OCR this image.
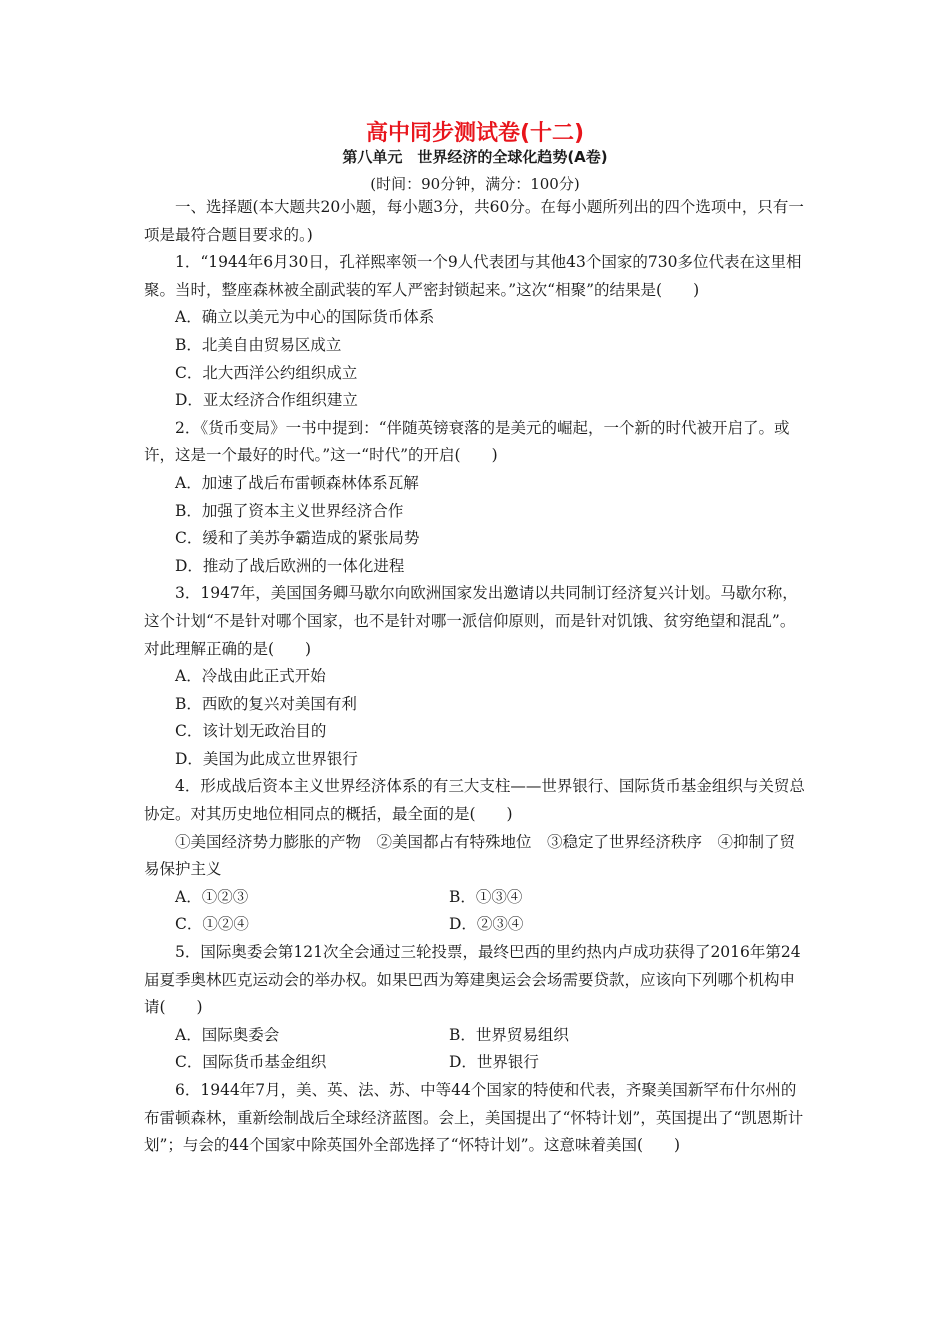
高中同步测试卷(十二)
第八单元　世界经济的全球化趋势(A卷)
(时间：90分钟，满分：100分)

一、选择题(本大题共20小题，每小题3分，共60分。在每小题所列出的四个选项中，只有一项是最符合题目要求的。)

1．“1944年6月30日，孔祥熙率领一个9人代表团与其他43个国家的730多位代表在这里相聚。当时，整座森林被全副武装的军人严密封锁起来。”这次“相聚”的结果是(　　)

A．确立以美元为中心的国际货币体系

B．北美自由贸易区成立

C．北大西洋公约组织成立

D．亚太经济合作组织建立

2．《货币变局》一书中提到：“伴随英镑衰落的是美元的崛起，一个新的时代被开启了。或许，这是一个最好的时代。”这一“时代”的开启(　　)

A．加速了战后布雷顿森林体系瓦解

B．加强了资本主义世界经济合作

C．缓和了美苏争霸造成的紧张局势

D．推动了战后欧洲的一体化进程

3．1947年，美国国务卿马歇尔向欧洲国家发出邀请以共同制订经济复兴计划。马歇尔称，这个计划“不是针对哪个国家，也不是针对哪一派信仰原则，而是针对饥饿、贫穷绝望和混乱”。对此理解正确的是(　　)

A．冷战由此正式开始

B．西欧的复兴对美国有利

C．该计划无政治目的

D．美国为此成立世界银行

4．形成战后资本主义世界经济体系的有三大支柱——世界银行、国际货币基金组织与关贸总协定。对其历史地位相同点的概括，最全面的是(　　)

①美国经济势力膨胀的产物　②美国都占有特殊地位　③稳定了世界经济秩序　④抑制了贸易保护主义

A．①②③	B．①③④
C．①②④	D．②③④

5．国际奥委会第121次全会通过三轮投票，最终巴西的里约热内卢成功获得了2016年第24届夏季奥林匹克运动会的举办权。如果巴西为筹建奥运会会场需要贷款，应该向下列哪个机构申请(　　)

A．国际奥委会	B．世界贸易组织
C．国际货币基金组织	D．世界银行

6．1944年7月，美、英、法、苏、中等44个国家的特使和代表，齐聚美国新罕布什尔州的布雷顿森林，重新绘制战后全球经济蓝图。会上，美国提出了“怀特计划”，英国提出了“凯恩斯计划”；与会的44个国家中除英国外全部选择了“怀特计划”。这意味着美国(　　)
